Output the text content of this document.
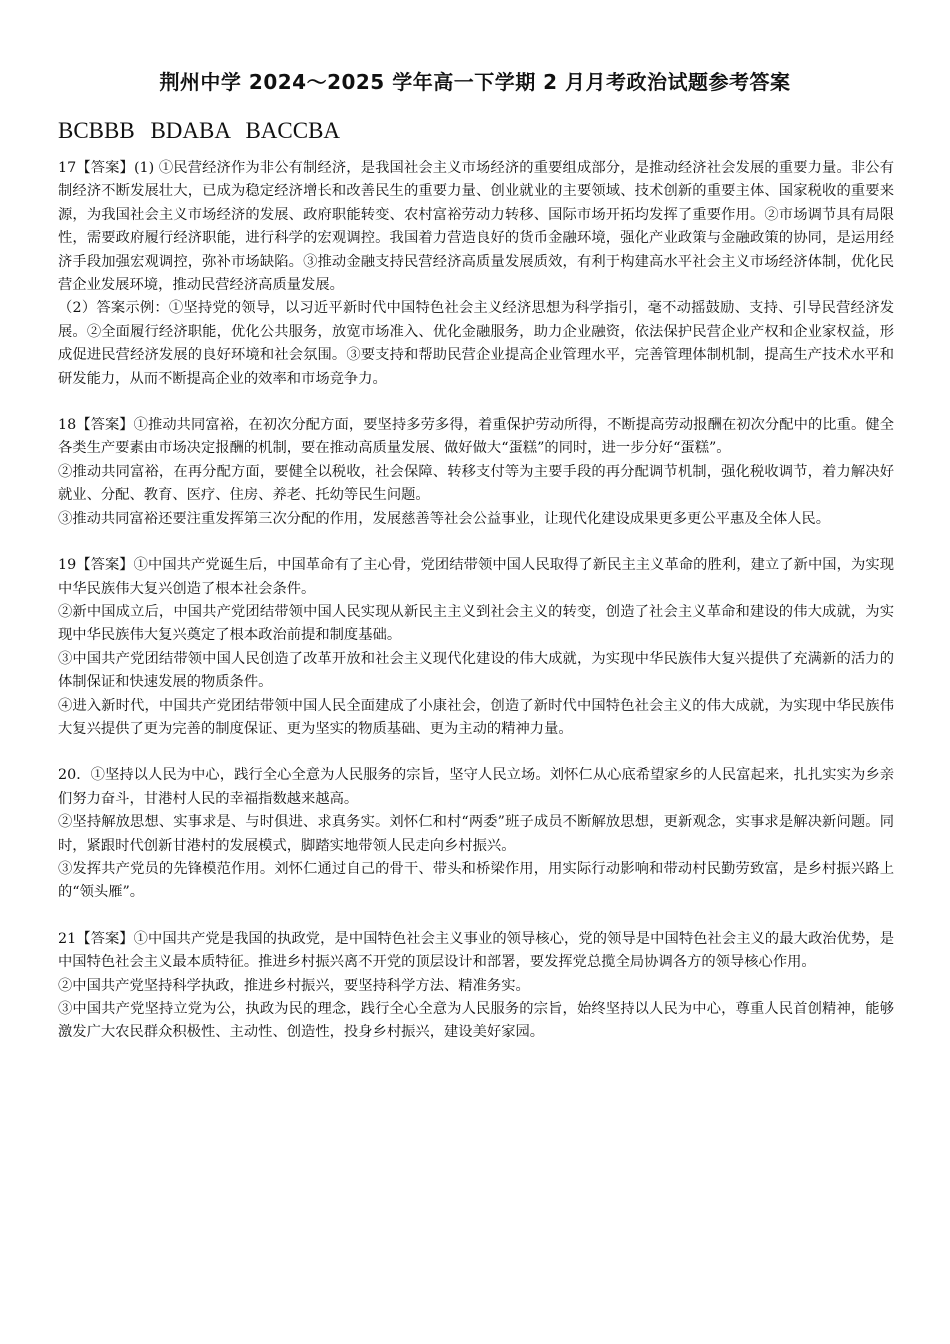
荆州中学 2024～2025 学年高一下学期 2 月月考政治试题参考答案
BCBBB BDABA BACCBA

17【答案】(1) ①民营经济作为非公有制经济，是我国社会主义市场经济的重要组成部分，是推动经济社会发展的重要力量。非公有制经济不断发展壮大，已成为稳定经济增长和改善民生的重要力量、创业就业的主要领域、技术创新的重要主体、国家税收的重要来源，为我国社会主义市场经济的发展、政府职能转变、农村富裕劳动力转移、国际市场开拓均发挥了重要作用。②市场调节具有局限性，需要政府履行经济职能，进行科学的宏观调控。我国着力营造良好的货币金融环境，强化产业政策与金融政策的协同，是运用经济手段加强宏观调控，弥补市场缺陷。③推动金融支持民营经济高质量发展质效，有利于构建高水平社会主义市场经济体制，优化民营企业发展环境，推动民营经济高质量发展。

（2）答案示例：①坚持党的领导，以习近平新时代中国特色社会主义经济思想为科学指引，毫不动摇鼓励、支持、引导民营经济发展。②全面履行经济职能，优化公共服务，放宽市场准入、优化金融服务，助力企业融资，依法保护民营企业产权和企业家权益，形成促进民营经济发展的良好环境和社会氛围。③要支持和帮助民营企业提高企业管理水平，完善管理体制机制，提高生产技术水平和研发能力，从而不断提高企业的效率和市场竞争力。

18【答案】①推动共同富裕，在初次分配方面，要坚持多劳多得，着重保护劳动所得，不断提高劳动报酬在初次分配中的比重。健全各类生产要素由市场决定报酬的机制，要在推动高质量发展、做好做大“蛋糕”的同时，进一步分好“蛋糕”。

②推动共同富裕，在再分配方面，要健全以税收，社会保障、转移支付等为主要手段的再分配调节机制，强化税收调节，着力解决好就业、分配、教育、医疗、住房、养老、托幼等民生问题。

③推动共同富裕还要注重发挥第三次分配的作用，发展慈善等社会公益事业，让现代化建设成果更多更公平惠及全体人民。

19【答案】①中国共产党诞生后，中国革命有了主心骨，党团结带领中国人民取得了新民主主义革命的胜利，建立了新中国，为实现中华民族伟大复兴创造了根本社会条件。

②新中国成立后，中国共产党团结带领中国人民实现从新民主主义到社会主义的转变，创造了社会主义革命和建设的伟大成就，为实现中华民族伟大复兴奠定了根本政治前提和制度基础。

③中国共产党团结带领中国人民创造了改革开放和社会主义现代化建设的伟大成就，为实现中华民族伟大复兴提供了充满新的活力的体制保证和快速发展的物质条件。

④进入新时代，中国共产党团结带领中国人民全面建成了小康社会，创造了新时代中国特色社会主义的伟大成就，为实现中华民族伟大复兴提供了更为完善的制度保证、更为坚实的物质基础、更为主动的精神力量。

20．①坚持以人民为中心，践行全心全意为人民服务的宗旨，坚守人民立场。刘怀仁从心底希望家乡的人民富起来，扎扎实实为乡亲们努力奋斗，甘港村人民的幸福指数越来越高。

②坚持解放思想、实事求是、与时俱进、求真务实。刘怀仁和村“两委”班子成员不断解放思想，更新观念，实事求是解决新问题。同时，紧跟时代创新甘港村的发展模式，脚踏实地带领人民走向乡村振兴。

③发挥共产党员的先锋模范作用。刘怀仁通过自己的骨干、带头和桥梁作用，用实际行动影响和带动村民勤劳致富，是乡村振兴路上的“领头雁”。

21【答案】①中国共产党是我国的执政党，是中国特色社会主义事业的领导核心，党的领导是中国特色社会主义的最大政治优势，是中国特色社会主义最本质特征。推进乡村振兴离不开党的顶层设计和部署，要发挥党总揽全局协调各方的领导核心作用。

②中国共产党坚持科学执政，推进乡村振兴，要坚持科学方法、精准务实。

③中国共产党坚持立党为公，执政为民的理念，践行全心全意为人民服务的宗旨，始终坚持以人民为中心，尊重人民首创精神，能够激发广大农民群众积极性、主动性、创造性，投身乡村振兴，建设美好家园。
